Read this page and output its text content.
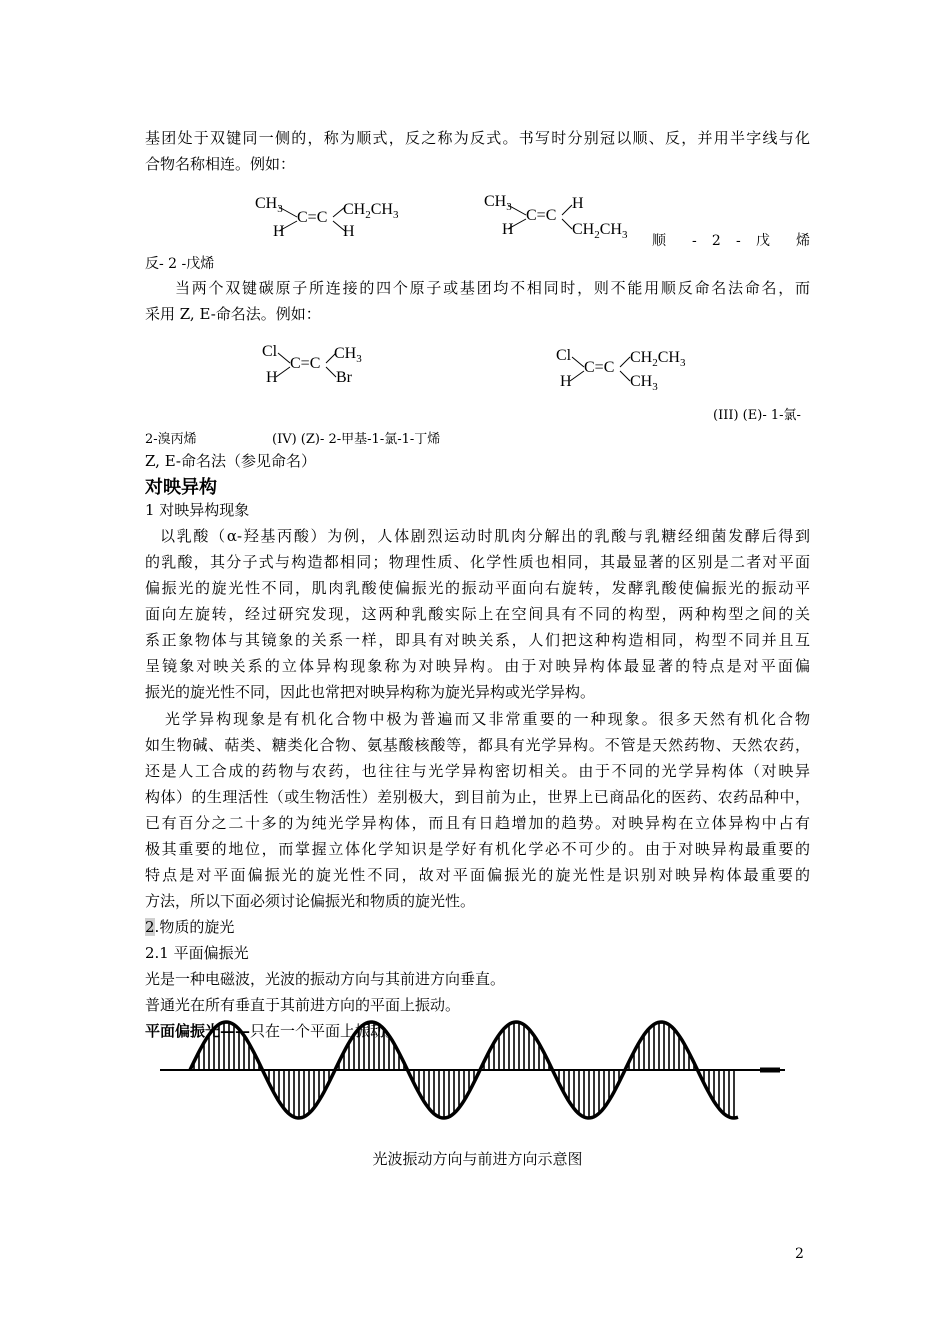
基团处于双键同一侧的，称为顺式，反之称为反式。书写时分别冠以顺、反，并用半字线与化
合物名称相连。例如：
$CH_3$
H
C=C $CH_2CH_3$
H
$CH_3$
H
C=C
H
$CH_2CH_3$ 顺 - 2 - 戊 烯
反- 2 -戊烯
当两个双键碳原子所连接的四个原子或基团均不相同时，则不能用顺反命名法命名，而
采用 Z, E-命名法。例如：
Cl
H
C=C
$CH_3$
Br
Cl
H
C=C
$CH_2CH_3$
$CH_3$
(III) (E)- 1-氯-
2-溴丙烯	(IV) (Z)- 2-甲基-1-氯-1-丁烯
Z, E-命名法（参见命名）
对映异构
1 对映异构现象
以乳酸（α-羟基丙酸）为例，人体剧烈运动时肌肉分解出的乳酸与乳糖经细菌发酵后得到
的乳酸，其分子式与构造都相同；物理性质、化学性质也相同，其最显著的区别是二者对平面
偏振光的旋光性不同，肌肉乳酸使偏振光的振动平面向右旋转，发酵乳酸使偏振光的振动平
面向左旋转，经过研究发现，这两种乳酸实际上在空间具有不同的构型，两种构型之间的关
系正象物体与其镜象的关系一样，即具有对映关系，人们把这种构造相同，构型不同并且互
呈镜象对映关系的立体异构现象称为对映异构。由于对映异构体最显著的特点是对平面偏
振光的旋光性不同，因此也常把对映异构称为旋光异构或光学异构。
光学异构现象是有机化合物中极为普遍而又非常重要的一种现象。很多天然有机化合物
如生物碱、萜类、糖类化合物、氨基酸核酸等，都具有光学异构。不管是天然药物、天然农药，
还是人工合成的药物与农药，也往往与光学异构密切相关。由于不同的光学异构体（对映异
构体）的生理活性（或生物活性）差别极大，到目前为止，世界上已商品化的医药、农药品种中，
已有百分之二十多的为纯光学异构体，而且有日趋增加的趋势。对映异构在立体异构中占有
极其重要的地位，而掌握立体化学知识是学好有机化学必不可少的。由于对映异构最重要的
特点是对平面偏振光的旋光性不同，故对平面偏振光的旋光性是识别对映异构体最重要的
方法，所以下面必须讨论偏振光和物质的旋光性。
2.物质的旋光
2.1 平面偏振光
光是一种电磁波，光波的振动方向与其前进方向垂直。
普通光在所有垂直于其前进方向的平面上振动。
平面偏振光——只在一个平面上振动。
光波振动方向与前进方向示意图
2
